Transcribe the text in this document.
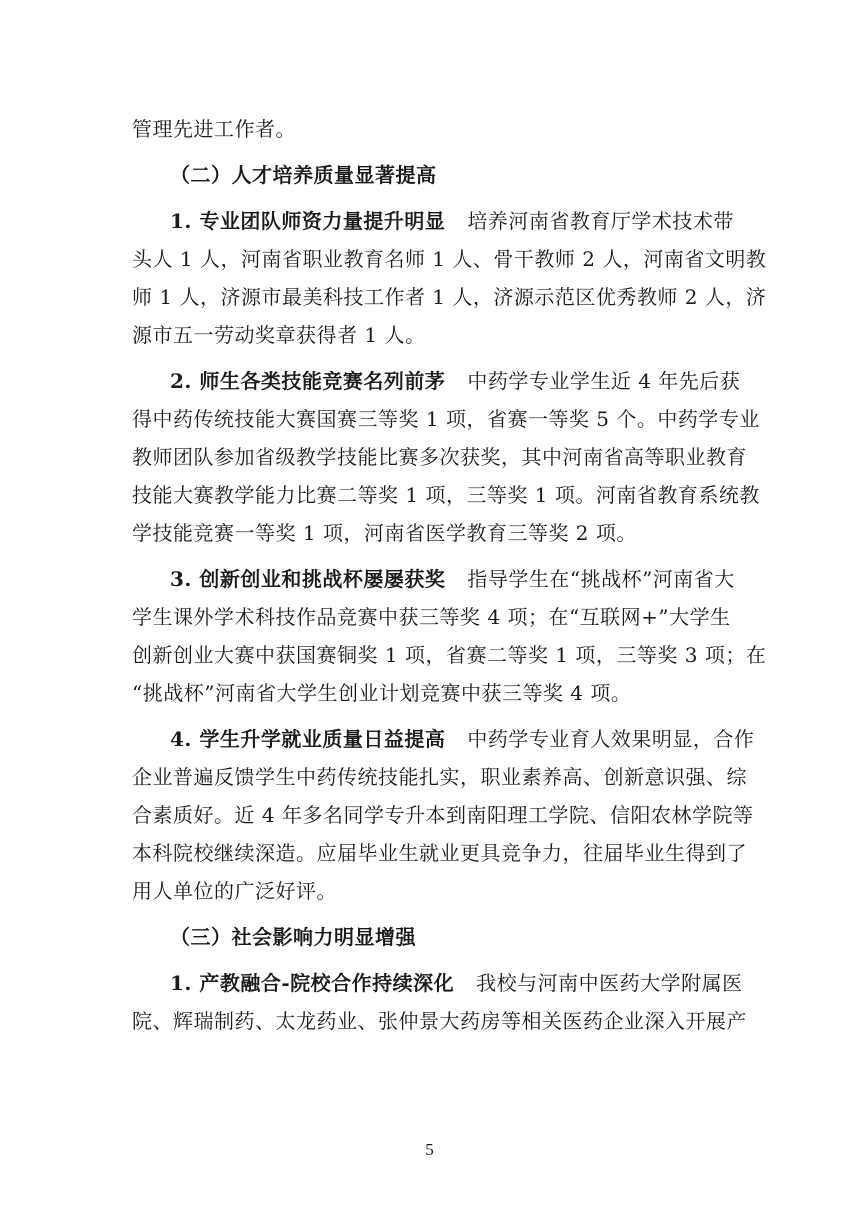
管理先进工作者。
（二）人才培养质量显著提高
1. 专业团队师资力量提升明显 培养河南省教育厅学术技术带
头人 1 人，河南省职业教育名师 1 人、骨干教师 2 人，河南省文明教
师 1 人，济源市最美科技工作者 1 人，济源示范区优秀教师 2 人，济
源市五一劳动奖章获得者 1 人。
2. 师生各类技能竞赛名列前茅 中药学专业学生近 4 年先后获
得中药传统技能大赛国赛三等奖 1 项，省赛一等奖 5 个。中药学专业
教师团队参加省级教学技能比赛多次获奖，其中河南省高等职业教育
技能大赛教学能力比赛二等奖 1 项，三等奖 1 项。河南省教育系统教
学技能竞赛一等奖 1 项，河南省医学教育三等奖 2 项。
3. 创新创业和挑战杯屡屡获奖 指导学生在“挑战杯”河南省大
学生课外学术科技作品竞赛中获三等奖 4 项；在“互联网+”大学生
创新创业大赛中获国赛铜奖 1 项，省赛二等奖 1 项，三等奖 3 项；在
“挑战杯”河南省大学生创业计划竞赛中获三等奖 4 项。
4. 学生升学就业质量日益提高 中药学专业育人效果明显，合作
企业普遍反馈学生中药传统技能扎实，职业素养高、创新意识强、综
合素质好。近 4 年多名同学专升本到南阳理工学院、信阳农林学院等
本科院校继续深造。应届毕业生就业更具竞争力，往届毕业生得到了
用人单位的广泛好评。
（三）社会影响力明显增强
1. 产教融合-院校合作持续深化 我校与河南中医药大学附属医
院、辉瑞制药、太龙药业、张仲景大药房等相关医药企业深入开展产
5
